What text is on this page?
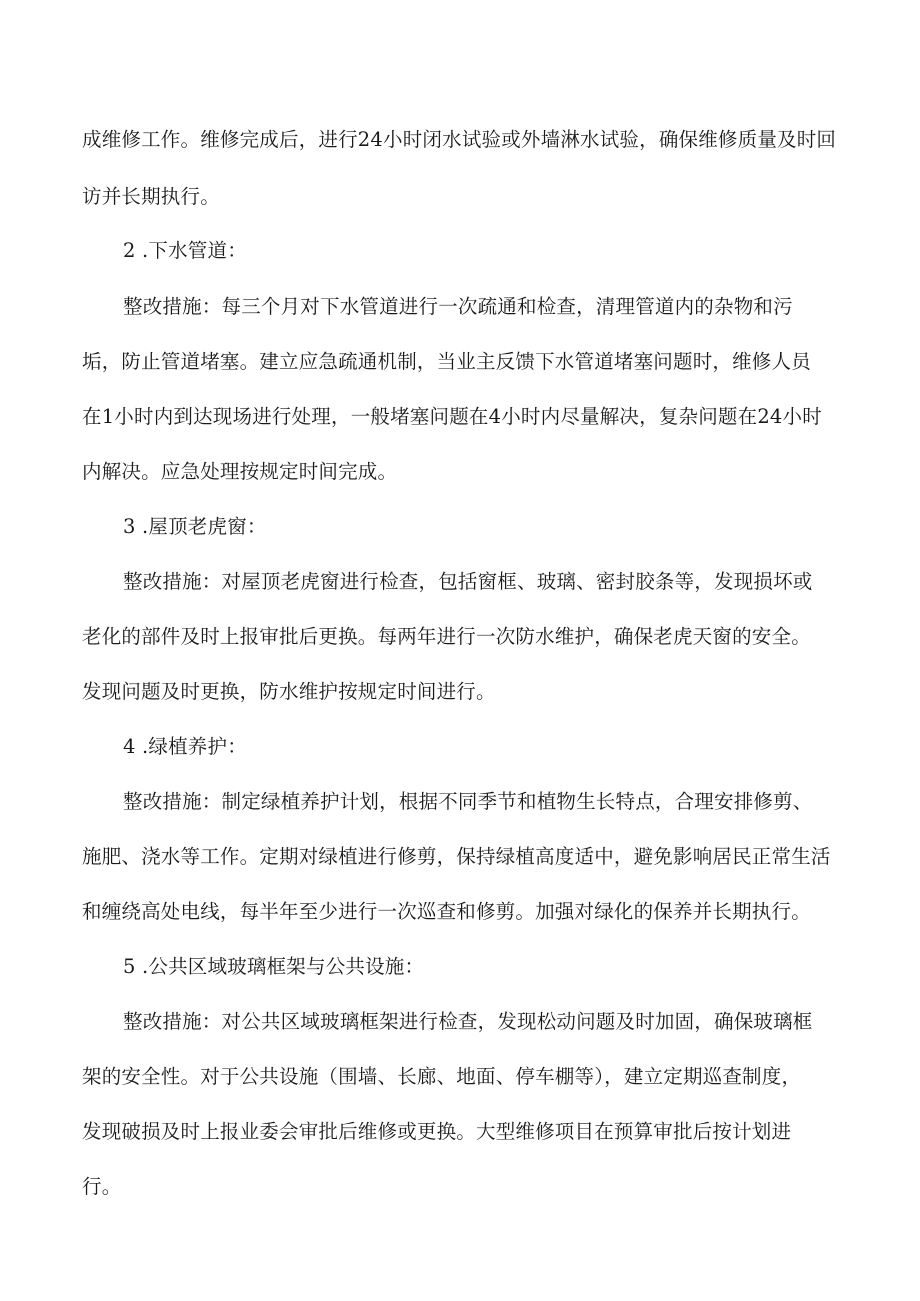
成维修工作。维修完成后，进行24小时闭水试验或外墙淋水试验，确保维修质量及时回
访并长期执行。
2 .下水管道：
整改措施：每三个月对下水管道进行一次疏通和检查，清理管道内的杂物和污
垢，防止管道堵塞。建立应急疏通机制，当业主反馈下水管道堵塞问题时，维修人员
在1小时内到达现场进行处理，一般堵塞问题在4小时内尽量解决，复杂问题在24小时
内解决。应急处理按规定时间完成。
3 .屋顶老虎窗：
整改措施：对屋顶老虎窗进行检查，包括窗框、玻璃、密封胶条等，发现损坏或
老化的部件及时上报审批后更换。每两年进行一次防水维护，确保老虎天窗的安全。
发现问题及时更换，防水维护按规定时间进行。
4 .绿植养护：
整改措施：制定绿植养护计划，根据不同季节和植物生长特点，合理安排修剪、
施肥、浇水等工作。定期对绿植进行修剪，保持绿植高度适中，避免影响居民正常生活
和缠绕高处电线，每半年至少进行一次巡查和修剪。加强对绿化的保养并长期执行。
5 .公共区域玻璃框架与公共设施：
整改措施：对公共区域玻璃框架进行检查，发现松动问题及时加固，确保玻璃框
架的安全性。对于公共设施（围墙、长廊、地面、停车棚等），建立定期巡查制度，
发现破损及时上报业委会审批后维修或更换。大型维修项目在预算审批后按计划进
行。
